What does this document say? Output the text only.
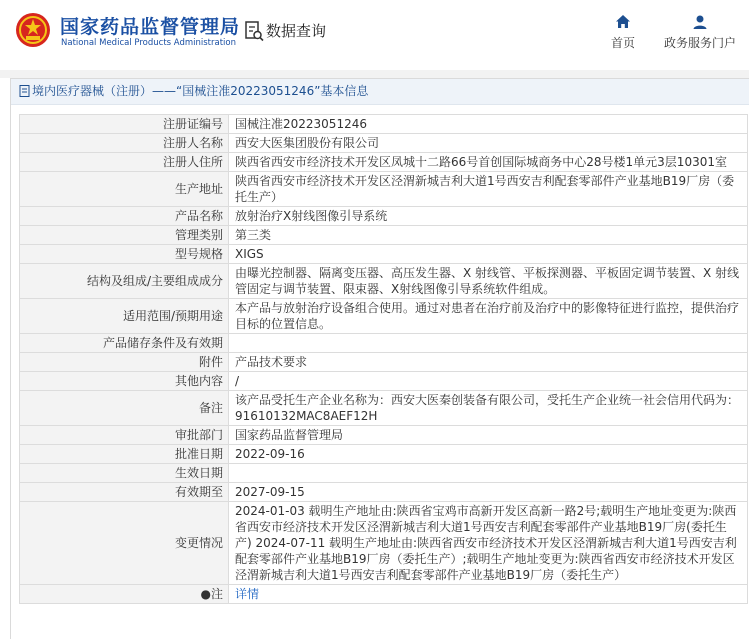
国家药品监督管理局
National Medical Products Administration
数据查询
首页	政务服务门户
境内医疗器械（注册）——“国械注准20223051246”基本信息
注册证编号	国械注准20223051246
注册人名称	西安大医集团股份有限公司
注册人住所	陕西省西安市经济技术开发区凤城十二路66号首创国际城商务中心28号楼1单元3层10301室
生产地址	陕西省西安市经济技术开发区泾渭新城吉利大道1号西安吉利配套零部件产业基地B19厂房（委托生产）
产品名称	放射治疗X射线图像引导系统
管理类别	第三类
型号规格	XIGS
结构及组成/主要组成成分	由曝光控制器、隔离变压器、高压发生器、X 射线管、平板探测器、平板固定调节装置、X 射线管固定与调节装置、限束器、X射线图像引导系统软件组成。
适用范围/预期用途	本产品与放射治疗设备组合使用。通过对患者在治疗前及治疗中的影像特征进行监控，提供治疗目标的位置信息。
产品储存条件及有效期	
附件	产品技术要求
其他内容	/
备注	该产品受托生产企业名称为：西安大医秦创装备有限公司，受托生产企业统一社会信用代码为：91610132MAC8AEF12H
审批部门	国家药品监督管理局
批准日期	2022-09-16
生效日期	
有效期至	2027-09-15
变更情况	2024-01-03 载明生产地址由:陕西省宝鸡市高新开发区高新一路2号;载明生产地址变更为:陕西省西安市经济技术开发区泾渭新城吉利大道1号西安吉利配套零部件产业基地B19厂房(委托生产) 2024-07-11 载明生产地址由:陕西省西安市经济技术开发区泾渭新城吉利大道1号西安吉利配套零部件产业基地B19厂房（委托生产）;载明生产地址变更为:陕西省西安市经济技术开发区泾渭新城吉利大道1号西安吉利配套零部件产业基地B19厂房（委托生产）
●注	详情
